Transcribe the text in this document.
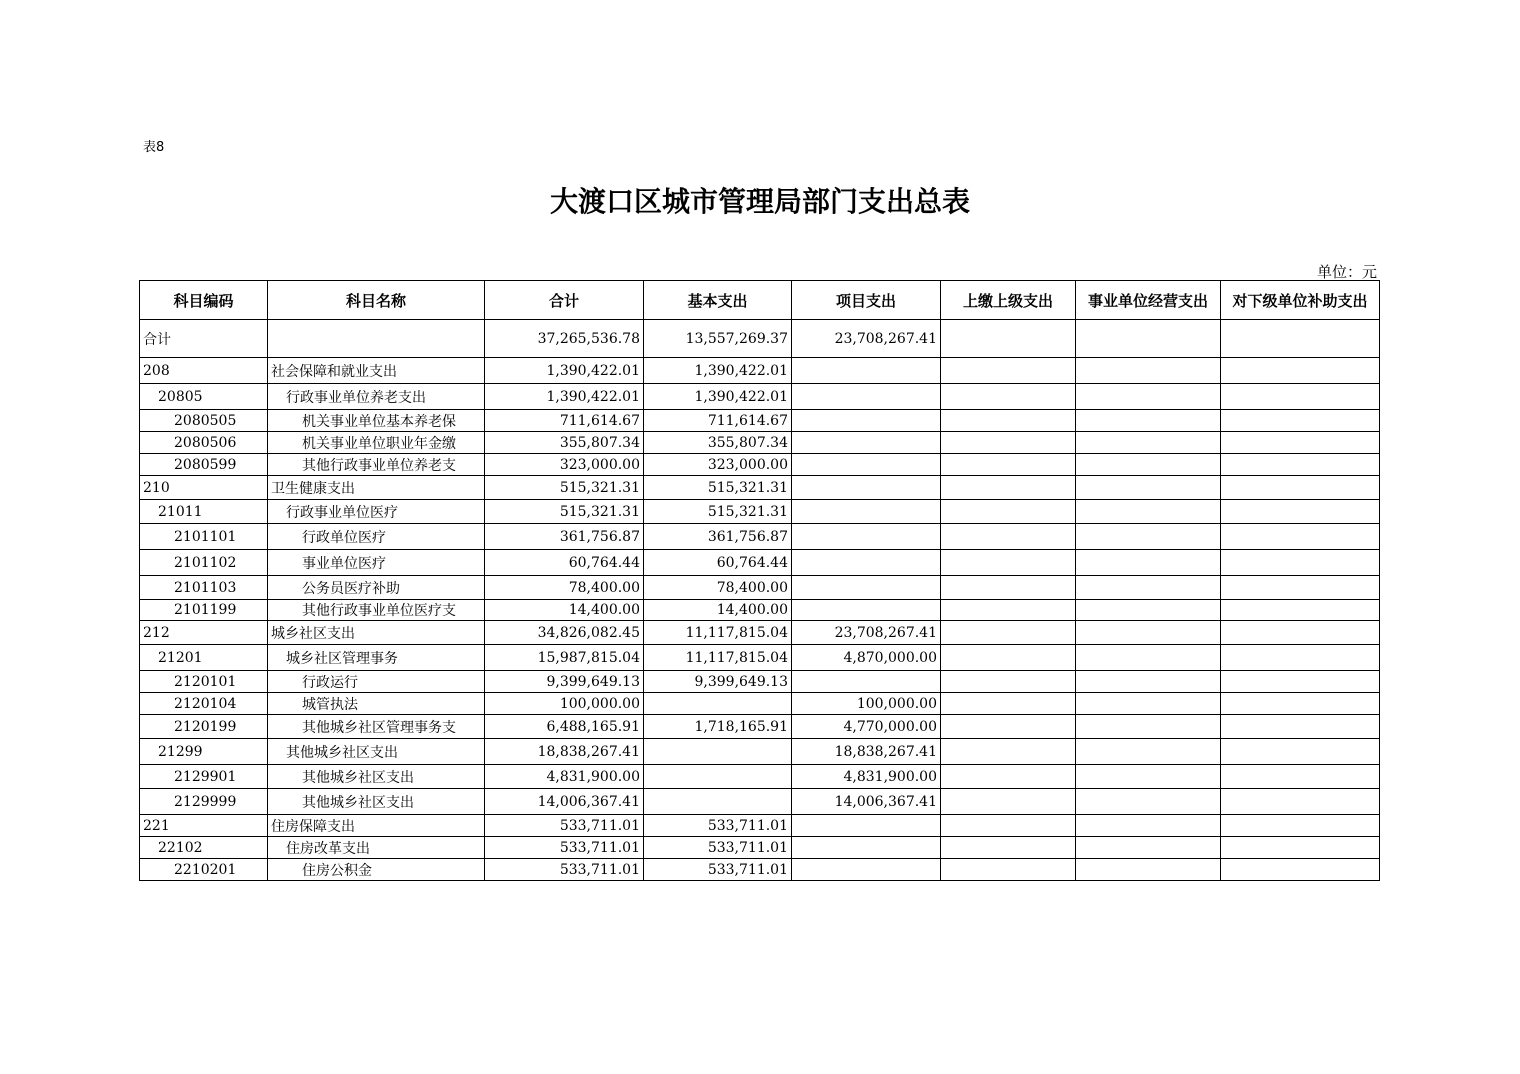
表8
大渡口区城市管理局部门支出总表
单位：元
科目编码	科目名称	合计	基本支出	项目支出	上缴上级支出	事业单位经营支出	对下级单位补助支出
合计		37,265,536.78	13,557,269.37	23,708,267.41			
208	社会保障和就业支出	1,390,422.01	1,390,422.01				
20805	行政事业单位养老支出	1,390,422.01	1,390,422.01				
2080505	机关事业单位基本养老保	711,614.67	711,614.67				
2080506	机关事业单位职业年金缴	355,807.34	355,807.34				
2080599	其他行政事业单位养老支	323,000.00	323,000.00				
210	卫生健康支出	515,321.31	515,321.31				
21011	行政事业单位医疗	515,321.31	515,321.31				
2101101	行政单位医疗	361,756.87	361,756.87				
2101102	事业单位医疗	60,764.44	60,764.44				
2101103	公务员医疗补助	78,400.00	78,400.00				
2101199	其他行政事业单位医疗支	14,400.00	14,400.00				
212	城乡社区支出	34,826,082.45	11,117,815.04	23,708,267.41			
21201	城乡社区管理事务	15,987,815.04	11,117,815.04	4,870,000.00			
2120101	行政运行	9,399,649.13	9,399,649.13				
2120104	城管执法	100,000.00		100,000.00			
2120199	其他城乡社区管理事务支	6,488,165.91	1,718,165.91	4,770,000.00			
21299	其他城乡社区支出	18,838,267.41		18,838,267.41			
2129901	其他城乡社区支出	4,831,900.00		4,831,900.00			
2129999	其他城乡社区支出	14,006,367.41		14,006,367.41			
221	住房保障支出	533,711.01	533,711.01				
22102	住房改革支出	533,711.01	533,711.01				
2210201	住房公积金	533,711.01	533,711.01				
